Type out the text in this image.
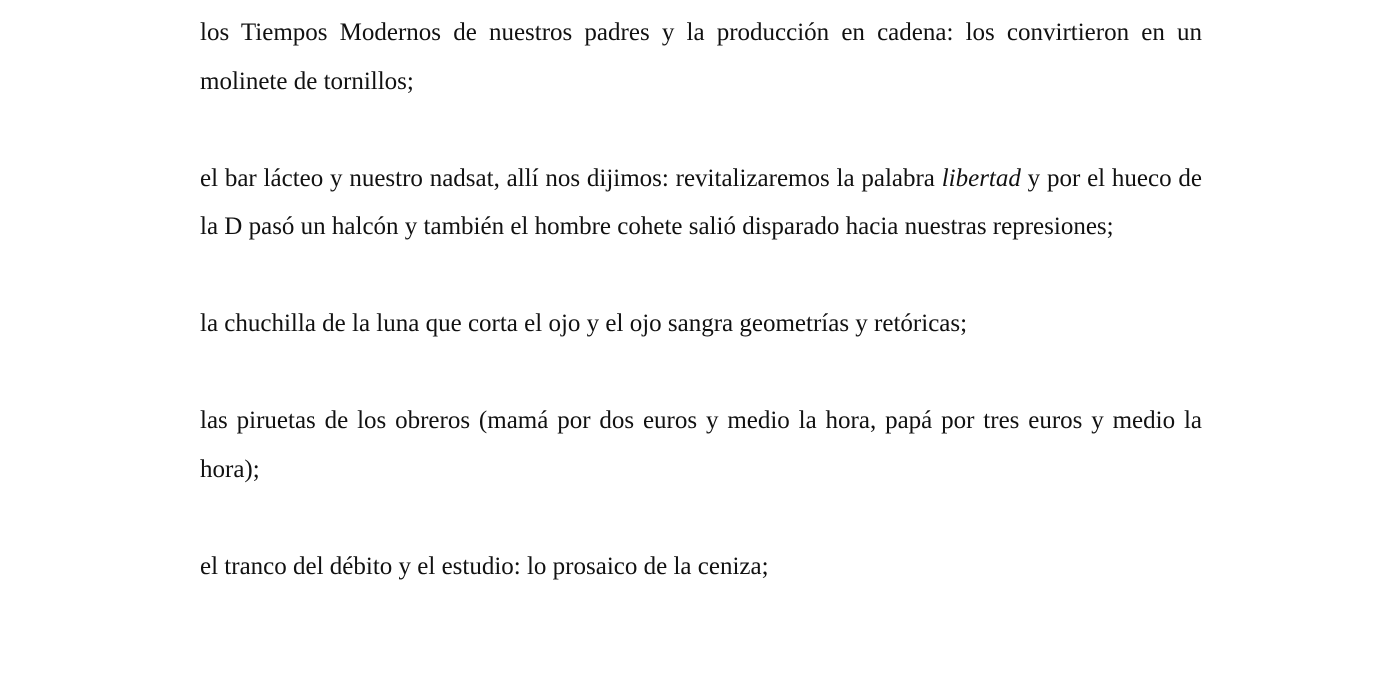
los Tiempos Modernos de nuestros padres y la producción en cadena: los convirtieron en un molinete de tornillos;

el bar lácteo y nuestro nadsat, allí nos dijimos: revitalizaremos la palabra libertad y por el hueco de la D pasó un halcón y también el hombre cohete salió disparado hacia nuestras represiones;

la chuchilla de la luna que corta el ojo y el ojo sangra geometrías y retóricas;

las piruetas de los obreros (mamá por dos euros y medio la hora, papá por tres euros y medio la hora);

el tranco del débito y el estudio: lo prosaico de la ceniza;
